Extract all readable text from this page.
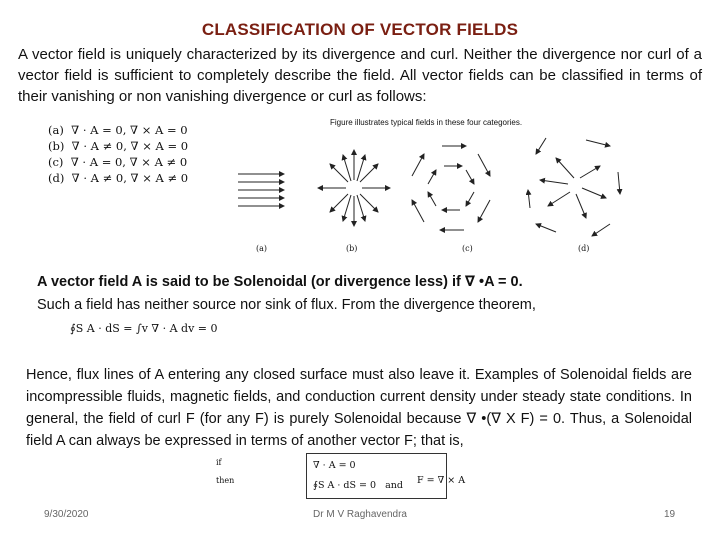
CLASSIFICATION OF VECTOR FIELDS
A vector field is uniquely characterized by its divergence and curl. Neither the divergence nor curl of a vector field is sufficient to completely describe the field. All vector fields can be classified in terms of their vanishing or non vanishing divergence or curl as follows:
(a) ∇ · A = 0, ∇ × A = 0
(b) ∇ · A ≠ 0, ∇ × A = 0
(c) ∇ · A = 0, ∇ × A ≠ 0
(d) ∇ · A ≠ 0, ∇ × A ≠ 0
Figure illustrates typical fields in these four categories.
(a)	(b)	(c)	(d)
A vector field A is said to be Solenoidal (or divergence less) if ∇ •A = 0.
Such a field has neither source nor sink of flux. From the divergence theorem,
∮S A · dS = ∫v ∇ · A dv = 0
Hence, flux lines of A entering any closed surface must also leave it. Examples of Solenoidal fields are incompressible fluids, magnetic fields, and conduction current density under steady state conditions. In general, the field of curl F (for any F) is purely Solenoidal because ∇ •(∇ X F) = 0. Thus, a Solenoidal field A can always be expressed in terms of another vector F; that is,
if
then
∇ · A = 0
∮S A · dS = 0 and	F = ∇ × A
9/30/2020	Dr M V Raghavendra	19
